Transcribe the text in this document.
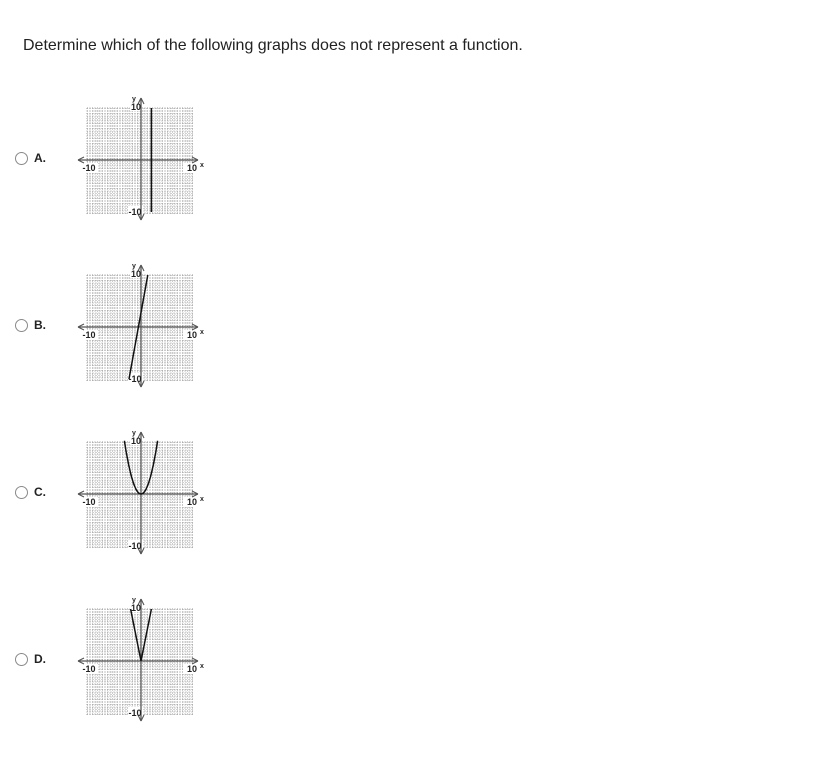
Determine which of the following graphs does not represent a function.
A.
y
10
-10
-10	10 x
B.
y
10
-10
-10	10 x
C.
y
10
-10
-10	10 x
D.
y
10
-10
-10	10 x
